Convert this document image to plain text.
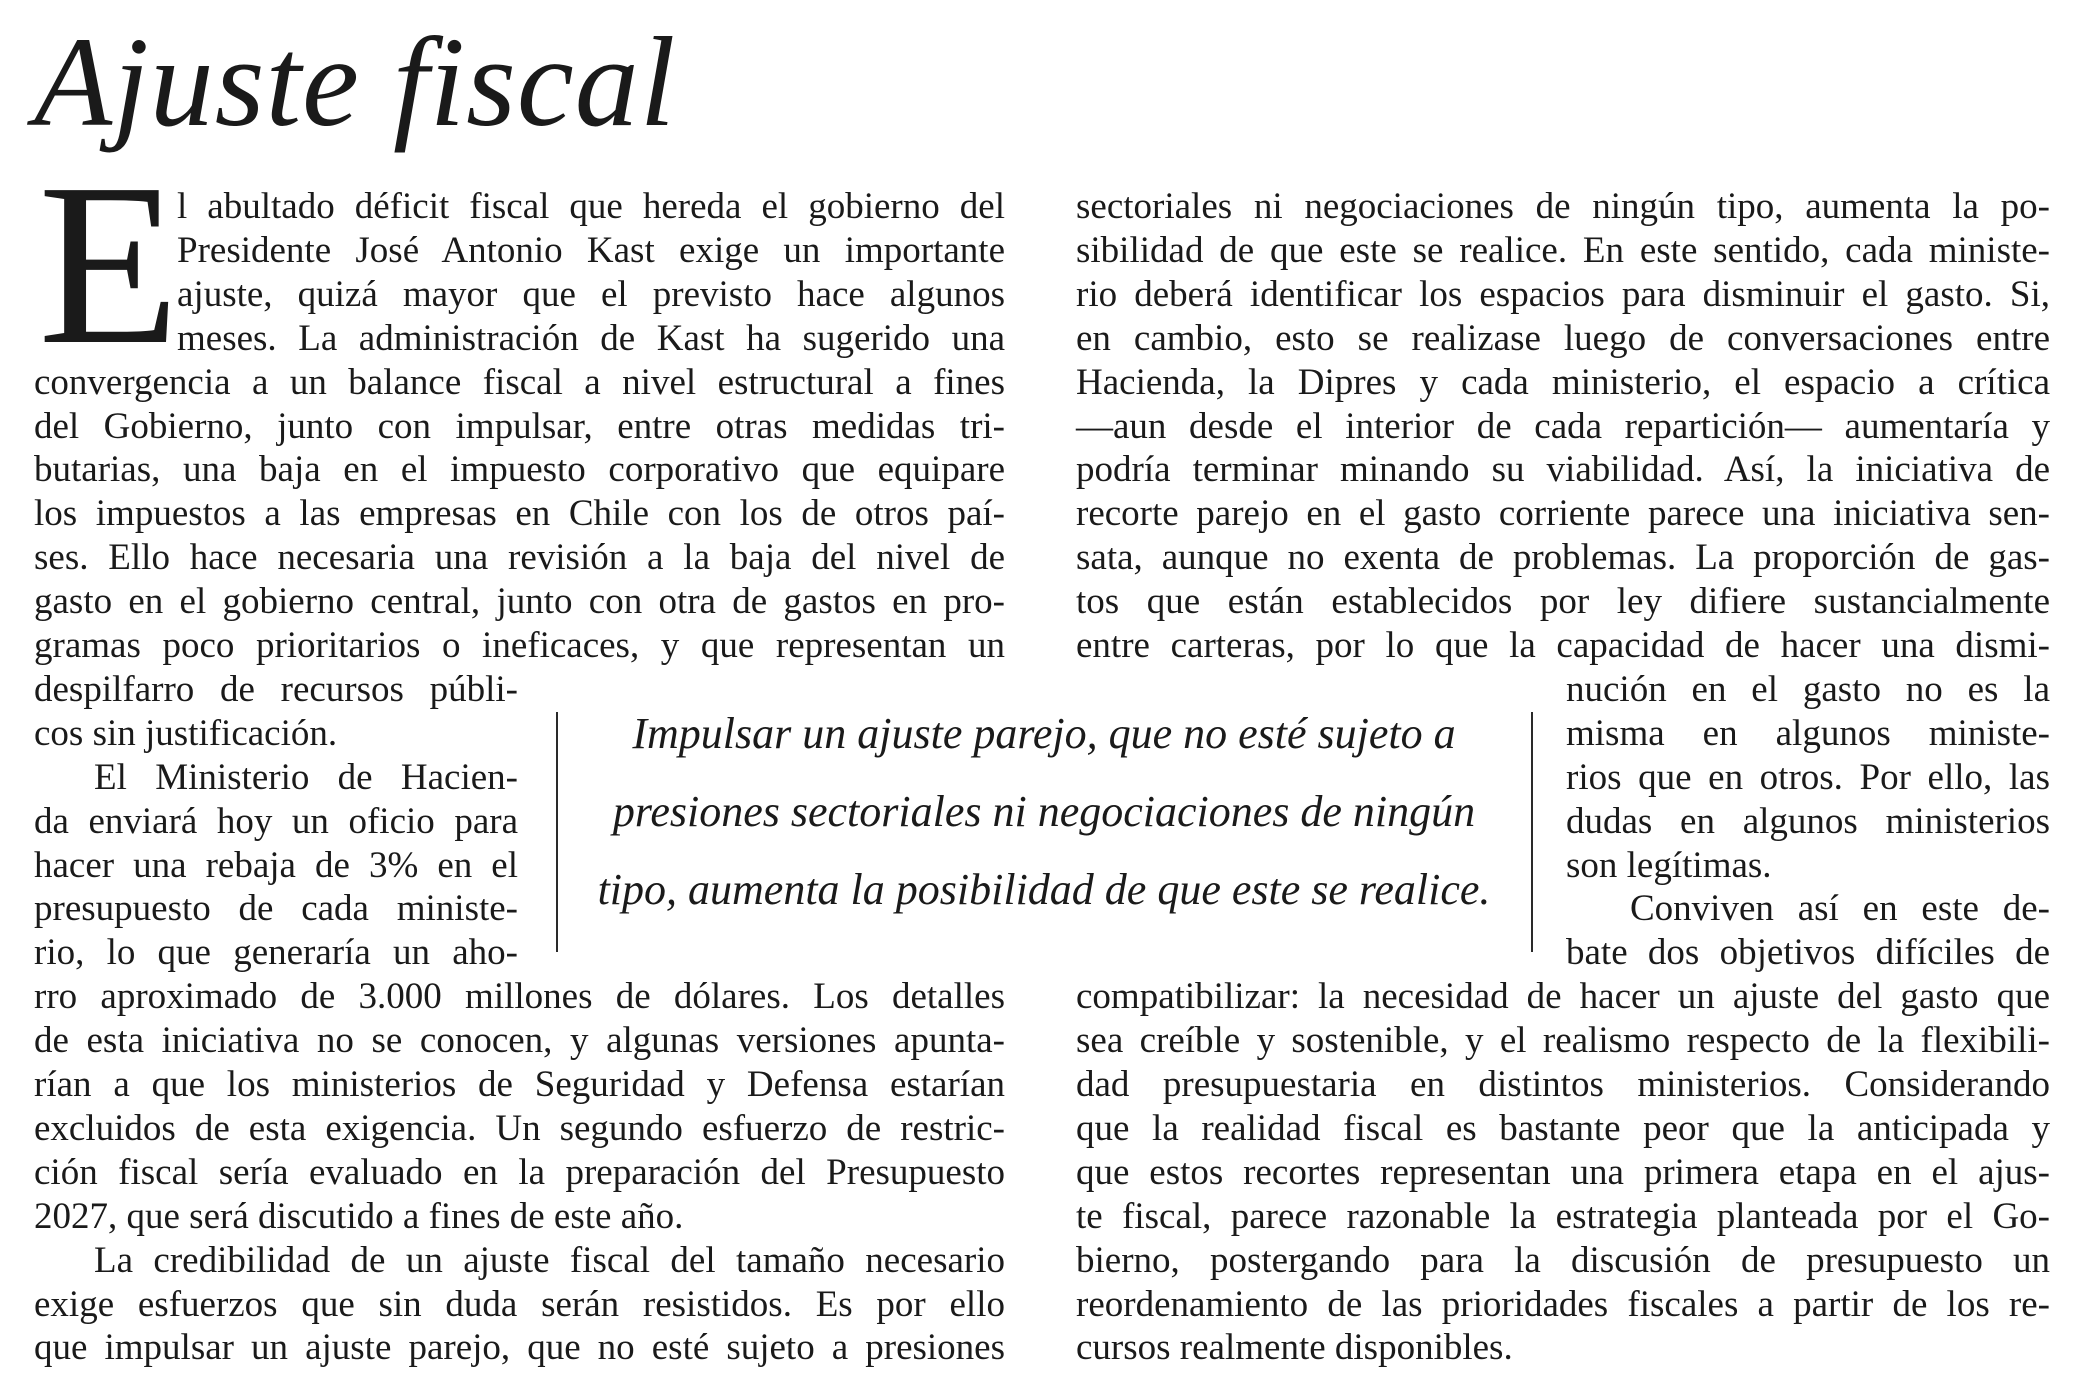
Ajuste fiscal
E

l abultado déficit fiscal que hereda el gobierno del

Presidente José Antonio Kast exige un importante

ajuste, quizá mayor que el previsto hace algunos

meses. La administración de Kast ha sugerido una

convergencia a un balance fiscal a nivel estructural a fines

del Gobierno, junto con impulsar, entre otras medidas tri-

butarias, una baja en el impuesto corporativo que equipare

los impuestos a las empresas en Chile con los de otros paí-

ses. Ello hace necesaria una revisión a la baja del nivel de

gasto en el gobierno central, junto con otra de gastos en pro-

gramas poco prioritarios o ineficaces, y que representan un

despilfarro de recursos públi-

cos sin justificación.

El Ministerio de Hacien-

da enviará hoy un oficio para

hacer una rebaja de 3% en el

presupuesto de cada ministe-

rio, lo que generaría un aho-

rro aproximado de 3.000 millones de dólares. Los detalles

de esta iniciativa no se conocen, y algunas versiones apunta-

rían a que los ministerios de Seguridad y Defensa estarían

excluidos de esta exigencia. Un segundo esfuerzo de restric-

ción fiscal sería evaluado en la preparación del Presupuesto

2027, que será discutido a fines de este año.

La credibilidad de un ajuste fiscal del tamaño necesario

exige esfuerzos que sin duda serán resistidos. Es por ello

que impulsar un ajuste parejo, que no esté sujeto a presiones

sectoriales ni negociaciones de ningún tipo, aumenta la po-

sibilidad de que este se realice. En este sentido, cada ministe-

rio deberá identificar los espacios para disminuir el gasto. Si,

en cambio, esto se realizase luego de conversaciones entre

Hacienda, la Dipres y cada ministerio, el espacio a crítica

—aun desde el interior de cada repartición— aumentaría y

podría terminar minando su viabilidad. Así, la iniciativa de

recorte parejo en el gasto corriente parece una iniciativa sen-

sata, aunque no exenta de problemas. La proporción de gas-

tos que están establecidos por ley difiere sustancialmente

entre carteras, por lo que la capacidad de hacer una dismi-

nución en el gasto no es la

misma en algunos ministe-

rios que en otros. Por ello, las

dudas en algunos ministerios

son legítimas.

Conviven así en este de-

bate dos objetivos difíciles de

compatibilizar: la necesidad de hacer un ajuste del gasto que

sea creíble y sostenible, y el realismo respecto de la flexibili-

dad presupuestaria en distintos ministerios. Considerando

que la realidad fiscal es bastante peor que la anticipada y

que estos recortes representan una primera etapa en el ajus-

te fiscal, parece razonable la estrategia planteada por el Go-

bierno, postergando para la discusión de presupuesto un

reordenamiento de las prioridades fiscales a partir de los re-

cursos realmente disponibles.

Impulsar un ajuste parejo, que no esté sujeto a

presiones sectoriales ni negociaciones de ningún

tipo, aumenta la posibilidad de que este se realice.
